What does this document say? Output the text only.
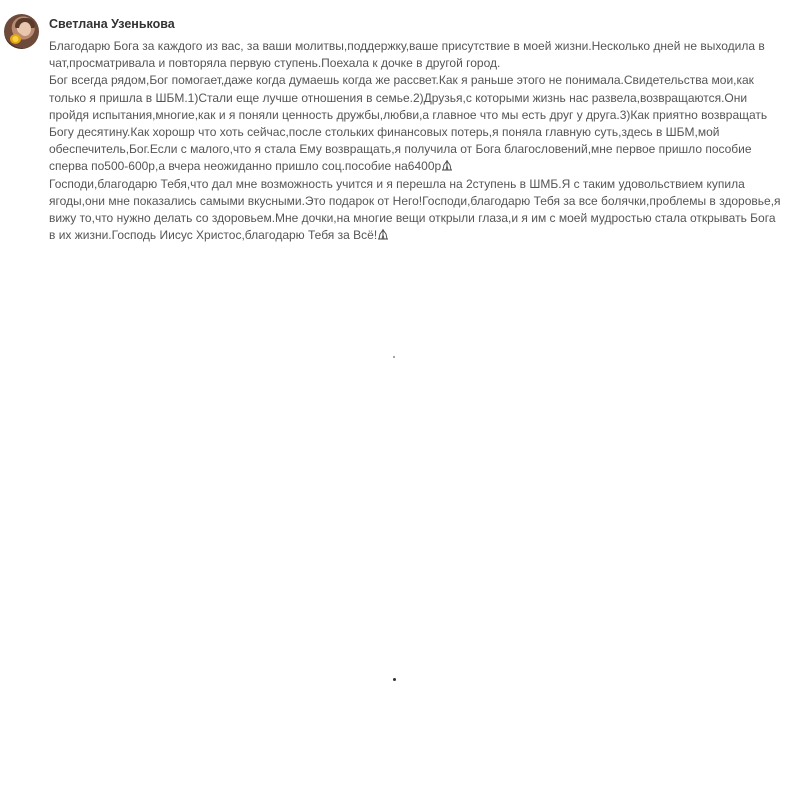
Светлана Узенькова
Благодарю Бога за каждого из вас, за ваши молитвы,поддержку,ваше присутствие в моей жизни.Несколько дней не выходила в чат,просматривала и повторяла первую ступень.Поехала к дочке в другой город.
Бог всегда рядом,Бог помогает,даже когда думаешь когда же рассвет.Как я раньше этого не понимала.Свидетельства мои,как только я пришла в ШБМ.1)Стали еще лучше отношения в семье.2)Друзья,с которыми жизнь нас развела,возвращаются.Они пройдя испытания,многие,как и я поняли ценность дружбы,любви,а главное что мы есть друг у друга.3)Как приятно возвращать Богу десятину.Как хорошр что хоть сейчас,после стольких финансовых потерь,я поняла главную суть,здесь в ШБМ,мой обеспечитель,Бог.Если с малого,что я стала Ему возвращать,я получила от Бога благословений,мне первое пришло пособие сперва по500-600р,а вчера неожиданно пришло соц.пособие на6400р
Господи,благодарю Тебя,что дал мне возможность учится и я перешла на 2ступень в ШМБ.Я с таким удовольствием купила ягоды,они мне показались самыми вкусными.Это подарок от Него!Господи,благодарю Тебя за все болячки,проблемы в здоровье,я вижу то,что нужно делать со здоровьем.Мне дочки,на многие вещи открыли глаза,и я им с моей мудростью стала открывать Бога в их жизни.Господь Иисус Христос,благодарю Тебя за Всё!
